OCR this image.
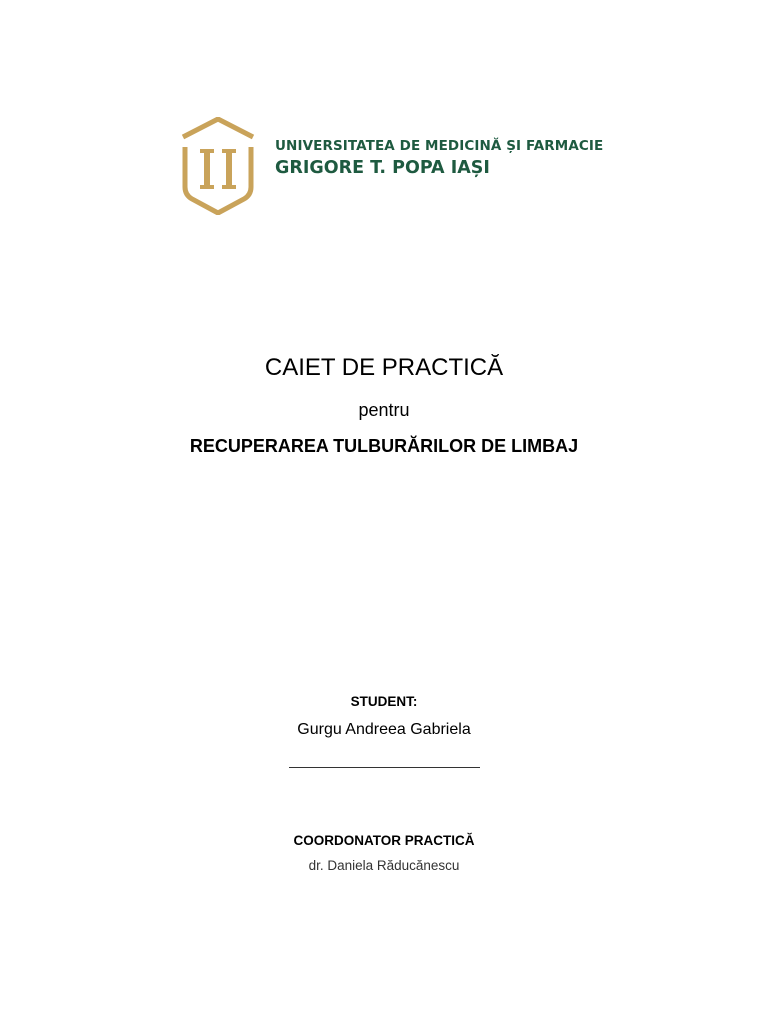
UNIVERSITATEA DE MEDICINĂ ȘI FARMACIE
GRIGORE T. POPA IAȘI
CAIET DE PRACTICĂ
pentru
RECUPERAREA TULBURĂRILOR DE LIMBAJ
STUDENT:
Gurgu Andreea Gabriela
COORDONATOR PRACTICĂ
dr. Daniela Răducănescu
